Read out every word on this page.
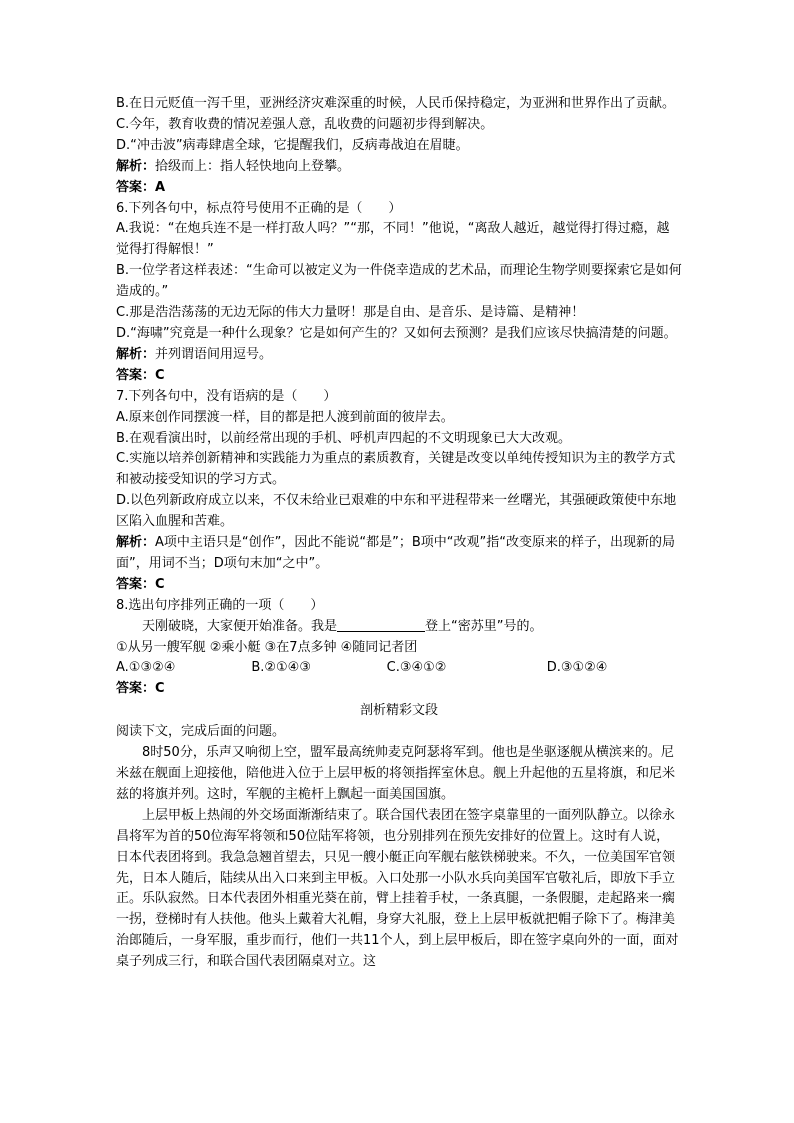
B.在日元贬值一泻千里，亚洲经济灾难深重的时候，人民币保持稳定，为亚洲和世界作出了贡献。
C.今年，教育收费的情况差强人意，乱收费的问题初步得到解决。
D.“冲击波”病毒肆虐全球，它提醒我们，反病毒战迫在眉睫。
解析：拾级而上：指人轻快地向上登攀。
答案：A
6.下列各句中，标点符号使用不正确的是（　　）
A.我说：“在炮兵连不是一样打敌人吗？”“那，不同！”他说，“离敌人越近，越觉得打得过瘾，越觉得打得解恨！”
B.一位学者这样表述：“生命可以被定义为一件侥幸造成的艺术品，而理论生物学则要探索它是如何造成的。”
C.那是浩浩荡荡的无边无际的伟大力量呀！那是自由、是音乐、是诗篇、是精神！
D.“海啸”究竟是一种什么现象？它是如何产生的？又如何去预测？是我们应该尽快搞清楚的问题。
解析：并列谓语间用逗号。
答案：C
7.下列各句中，没有语病的是（　　）
A.原来创作同摆渡一样，目的都是把人渡到前面的彼岸去。
B.在观看演出时，以前经常出现的手机、呼机声四起的不文明现象已大大改观。
C.实施以培养创新精神和实践能力为重点的素质教育，关键是改变以单纯传授知识为主的教学方式和被动接受知识的学习方式。
D.以色列新政府成立以来，不仅未给业已艰难的中东和平进程带来一丝曙光，其强硬政策使中东地区陷入血腥和苦难。
解析：A项中主语只是“创作”，因此不能说“都是”；B项中“改观”指“改变原来的样子，出现新的局面”，用词不当；D项句末加“之中”。
答案：C
8.选出句序排列正确的一项（　　）
天刚破晓，大家便开始准备。我是	登上“密苏里”号的。
①从另一艘军舰 ②乘小艇 ③在7点多钟 ④随同记者团
A.①③②④	B.②①④③	C.③④①②	D.③①②④
答案：C
剖析精彩文段
阅读下文，完成后面的问题。
8时50分，乐声又响彻上空，盟军最高统帅麦克阿瑟将军到。他也是坐驱逐舰从横滨来的。尼米兹在舰面上迎接他，陪他进入位于上层甲板的将领指挥室休息。舰上升起他的五星将旗，和尼米兹的将旗并列。这时，军舰的主桅杆上飘起一面美国国旗。
上层甲板上热闹的外交场面渐渐结束了。联合国代表团在签字桌靠里的一面列队静立。以徐永昌将军为首的50位海军将领和50位陆军将领，也分别排列在预先安排好的位置上。这时有人说，日本代表团将到。我急急翘首望去，只见一艘小艇正向军舰右舷铁梯驶来。不久，一位美国军官领先，日本人随后，陆续从出入口来到主甲板。入口处那一小队水兵向美国军官敬礼后，即放下手立正。乐队寂然。日本代表团外相重光葵在前，臂上挂着手杖，一条真腿，一条假腿，走起路来一瘸一拐，登梯时有人扶他。他头上戴着大礼帽，身穿大礼服，登上上层甲板就把帽子除下了。梅津美治郎随后，一身军服，重步而行，他们一共11个人，到上层甲板后，即在签字桌向外的一面，面对桌子列成三行，和联合国代表团隔桌对立。这
